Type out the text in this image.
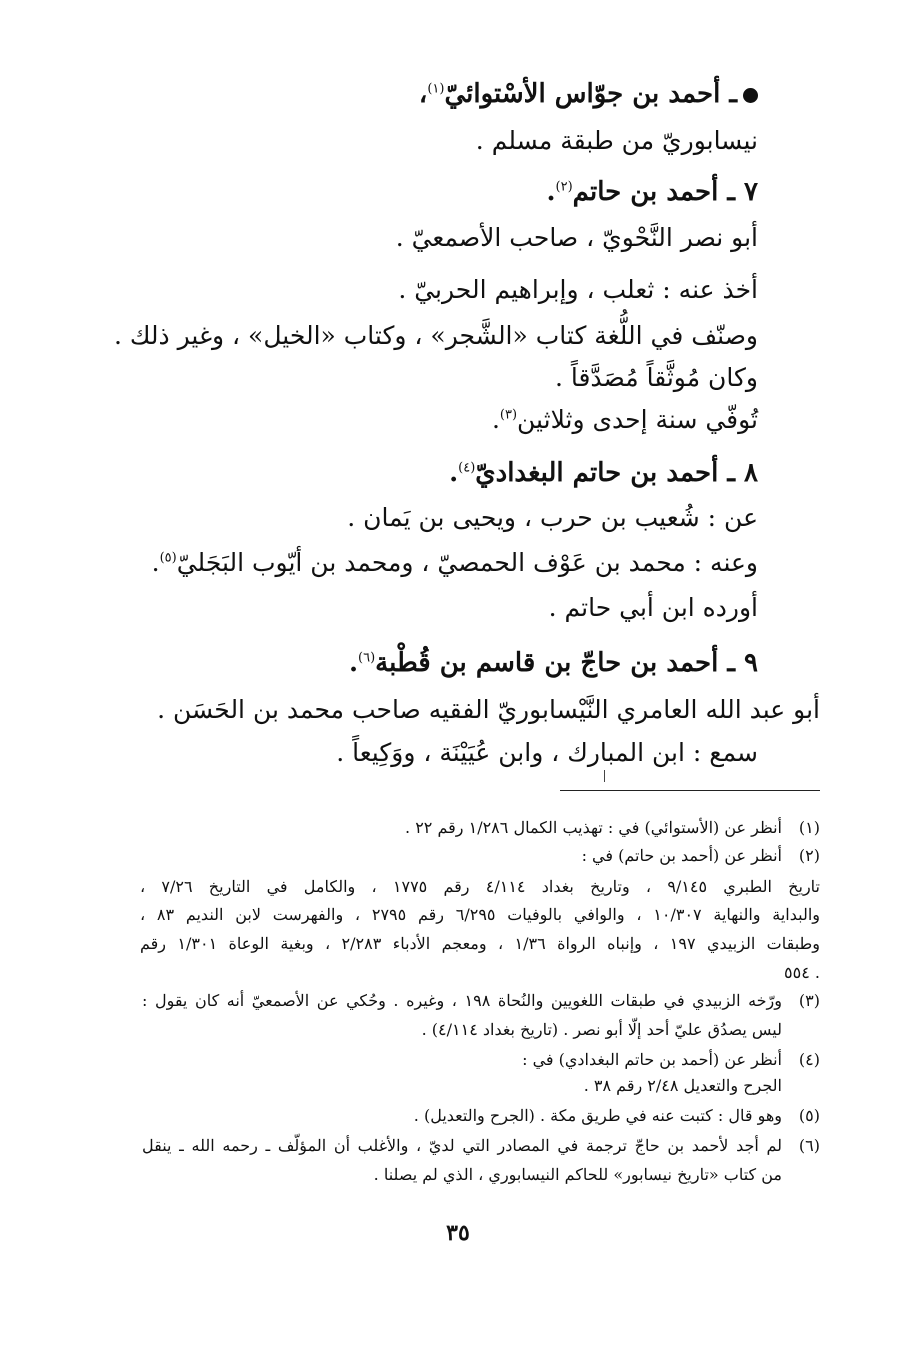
ـ أحمد بن جوّاس الأسْتوائيّ$^{(١)}$،
نيسابوريّ من طبقة مسلم .
٧ ـ أحمد بن حاتم$^{(٢)}$.
أبو نصر النَّحْويّ ، صاحب الأصمعيّ .
أخذ عنه : ثعلب ، وإبراهيم الحربيّ .
وصنّف في اللُّغة كتاب «الشَّجر» ، وكتاب «الخيل» ، وغير ذلك .
وكان مُوثَّقاً مُصَدَّقاً .
تُوفّي سنة إحدى وثلاثين$^{(٣)}$.
٨ ـ أحمد بن حاتم البغداديّ$^{(٤)}$.
عن : شُعيب بن حرب ، ويحيى بن يَمان .
وعنه : محمد بن عَوْف الحمصيّ ، ومحمد بن أيّوب البَجَليّ$^{(٥)}$.
أورده ابن أبي حاتم .
٩ ـ أحمد بن حاجّ بن قاسم بن قُطْبة$^{(٦)}$.
أبو عبد الله العامري النَّيْسابوريّ الفقيه صاحب محمد بن الحَسَن .
سمع : ابن المبارك ، وابن عُيَيْنَة ، ووَكِيعاً .
(١)
أنظر عن (الأستوائي) في : تهذيب الكمال ١/٢٨٦ رقم ٢٢ .
(٢)
أنظر عن (أحمد بن حاتم) في :
تاريخ الطبري ٩/١٤٥ ، وتاريخ بغداد ٤/١١٤ رقم ١٧٧٥ ، والكامل في التاريخ ٧/٢٦ ،
والبداية والنهاية ١٠/٣٠٧ ، والوافي بالوفيات ٦/٢٩٥ رقم ٢٧٩٥ ، والفهرست لابن النديم ٨٣ ،
وطبقات الزبيدي ١٩٧ ، وإنباه الرواة ١/٣٦ ، ومعجم الأدباء ٢/٢٨٣ ، وبغية الوعاة ١/٣٠١ رقم
٥٥٤ .
(٣)
ورّخه الزبيدي في طبقات اللغويين والنُحاة ١٩٨ ، وغيره . وحُكي عن الأصمعيّ أنه كان يقول :
ليس يصدُق عليّ أحد إلّا أبو نصر . (تاريخ بغداد ٤/١١٤) .
(٤)
أنظر عن (أحمد بن حاتم البغدادي) في :
الجرح والتعديل ٢/٤٨ رقم ٣٨ .
(٥)
وهو قال : كتبت عنه في طريق مكة . (الجرح والتعديل) .
(٦)
لم أجد لأحمد بن حاجّ ترجمة في المصادر التي لديّ ، والأغلب أن المؤلّف ـ رحمه الله ـ ينقل
من كتاب «تاريخ نيسابور» للحاكم النيسابوري ، الذي لم يصلنا .
٣٥
